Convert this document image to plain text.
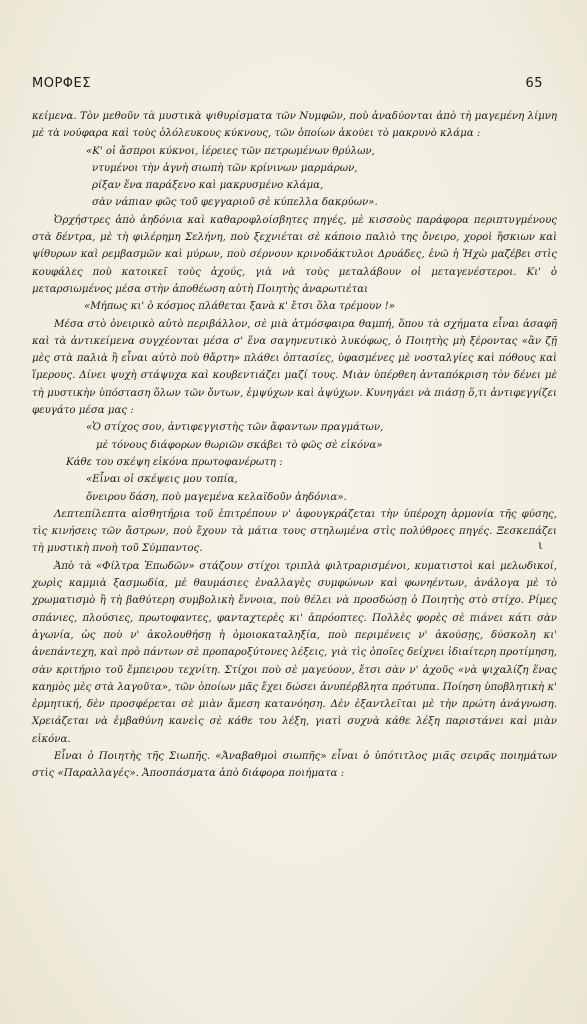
ΜΟΡΦΕΣ	65

κείμενα. Τὸν μεθοῦν τὰ μυστικὰ ψιθυρίσματα τῶν Νυμφῶν, ποὺ ἀναδύονται ἀπὸ τὴ μαγεμένη λίμνη μὲ τὰ νούφαρα καὶ τοὺς ὁλόλευκους κύκνους, τῶν ὁποίων ἀκούει τὸ μακρυνὸ κλάμα :

«Κ' οἱ ἄσπροι κύκνοι, ἱέρειες τῶν πετρωμένων θρύλων,
ντυμένοι τὴν ἁγνὴ σιωπὴ τῶν κρίνινων μαρμάρων,
ρίξαν ἕνα παράξενο καὶ μακρυσμένο κλάμα,
σὰν νάπιαν φῶς τοῦ φεγγαριοῦ σὲ κύπελλα δακρύων».

Ὀρχήστρες ἀπὸ ἀηδόνια καὶ καθαροφλοίσβητες πηγές, μὲ κισσοὺς παράφορα περιπτυγμένους στὰ δέντρα, μὲ τὴ φιλέρημη Σελήνη, ποὺ ξεχνιέται σὲ κάποιο παλιὸ της ὄνειρο, χοροὶ ἥσκιων καὶ ψίθυρων καὶ ρεμβασμῶν καὶ μύρων, ποὺ σέρνουν κρινοδάκτυλοι Δρυάδες, ἐνῶ ἡ Ἠχὼ μαζέβει στὶς κουφάλες ποὺ κατοικεῖ τοὺς ἀχούς, γιὰ νὰ τοὺς μεταλάβουν οἱ μεταγενέστεροι. Κι' ὁ μεταρσιωμένος μέσα στὴν ἀποθέωση αὐτὴ Ποιητὴς ἀναρωτιέται

«Μήπως κι' ὁ κόσμος πλάθεται ξανὰ κ' ἔτσι ὅλα τρέμουν !»

Μέσα στὸ ὀνειρικὸ αὐτὸ περιβάλλον, σὲ μιὰ ἀτμόσφαιρα θαμπή, ὅπου τὰ σχήματα εἶναι ἀσαφῆ καὶ τὰ ἀντικείμενα συγχέονται μέσα σ' ἕνα σαγηνευτικὸ λυκόφως, ὁ Ποιητὴς μὴ ξέροντας «ἂν ζῇ μὲς στὰ παλιὰ ἢ εἶναι αὐτὸ ποὺ θἄρτη» πλάθει ὀπτασίες, ὑφασμένες μὲ νοσταλγίες καὶ πόθους καὶ ἵμερους. Δίνει ψυχὴ στάψυχα καὶ κουβεντιάζει μαζί τους. Μιὰν ὑπέρθεη ἀνταπόκριση τὸν δένει μὲ τὴ μυστικὴν ὑπόσταση ὅλων τῶν ὄντων, ἐμψύχων καὶ ἀψύχων. Κυνηγάει νὰ πιάσῃ ὅ,τι ἀντιφεγγίζει φευγάτο μέσα μας :

«Ὁ στίχος σου, ἀντιφεγγιστὴς τῶν ἄφαντων πραγμάτων,
μὲ τόνους διάφορων θωριῶν σκάβει τὸ φῶς σὲ εἰκόνα»

Κάθε του σκέψη εἰκόνα πρωτοφανέρωτη :

«Εἶναι οἱ σκέψεις μου τοπία,
ὄνειρου δάση, ποὺ μαγεμένα κελαϊδοῦν ἀηδόνια».

Λεπτεπίλεπτα αἰσθητήρια τοῦ ἐπιτρέπουν ν' ἀφουγκράζεται τὴν ὑπέροχη ἁρμονία τῆς φύσης, τὶς κινήσεις τῶν ἄστρων, ποὺ ἔχουν τὰ μάτια τους στηλωμένα στὶς πολύθροες πηγές. Ξεσκεπάζει τὴ μυστικὴ πνοὴ τοῦ Σύμπαντος.

Ἀπὸ τὰ «Φίλτρα Ἐπωδῶν» στάζουν στίχοι τριπλὰ φιλτραρισμένοι, κυματιστοὶ καὶ μελωδικοί, χωρὶς καμμιὰ ξασμωδία, μὲ θαυμάσιες ἐναλλαγὲς συμφώνων καὶ φωνηέντων, ἀνάλογα μὲ τὸ χρωματισμὸ ἢ τὴ βαθύτερη συμβολικὴ ἔννοια, ποὺ θέλει νὰ προσδώσῃ ὁ Ποιητὴς στὸ στίχο. Ρίμες σπάνιες, πλούσιες, πρωτοφαντες, φανταχτερὲς κι' ἀπρόοπτες. Πολλὲς φορὲς σὲ πιάνει κάτι σὰν ἀγωνία, ὡς ποὺ ν' ἀκολουθήσῃ ἡ ὁμοιοκαταληξία, ποὺ περιμένεις ν' ἀκούσῃς, δύσκολη κι' ἀνεπάντεχη, καὶ πρὸ πάντων σὲ προπαροξύτονες λέξεις, γιὰ τὶς ὁποῖες δείχνει ἰδιαίτερη προτίμηση, σὰν κριτήριο τοῦ ἔμπειρου τεχνίτη. Στίχοι ποὺ σὲ μαγεύουν, ἔτσι σὰν ν' ἀχοῦς «νὰ ψιχαλίζη ἕνας καημὸς μὲς στὰ λαγοῦτα», τῶν ὁποίων μᾶς ἔχει δώσει ἀνυπέρβλητα πρότυπα. Ποίηση ὑποβλητικὴ κ' ἐρμητική, δὲν προσφέρεται σὲ μιὰν ἄμεση κατανόηση. Δὲν ἐξαντλεῖται μὲ τὴν πρώτη ἀνάγνωση. Χρειάζεται νὰ ἐμβαθύνη κανεὶς σὲ κάθε του λέξη, γιατὶ συχνὰ κάθε λέξη παριστάνει καὶ μιὰν εἰκόνα.

Εἶναι ὁ Ποιητὴς τῆς Σιωπῆς. «Ἀναβαθμοὶ σιωπῆς» εἶναι ὁ ὑπότιτλος μιᾶς σειρᾶς ποιημάτων στὶς «Παραλλαγές». Ἀποσπάσματα ἀπὸ διάφορα ποιήματα :

ι
